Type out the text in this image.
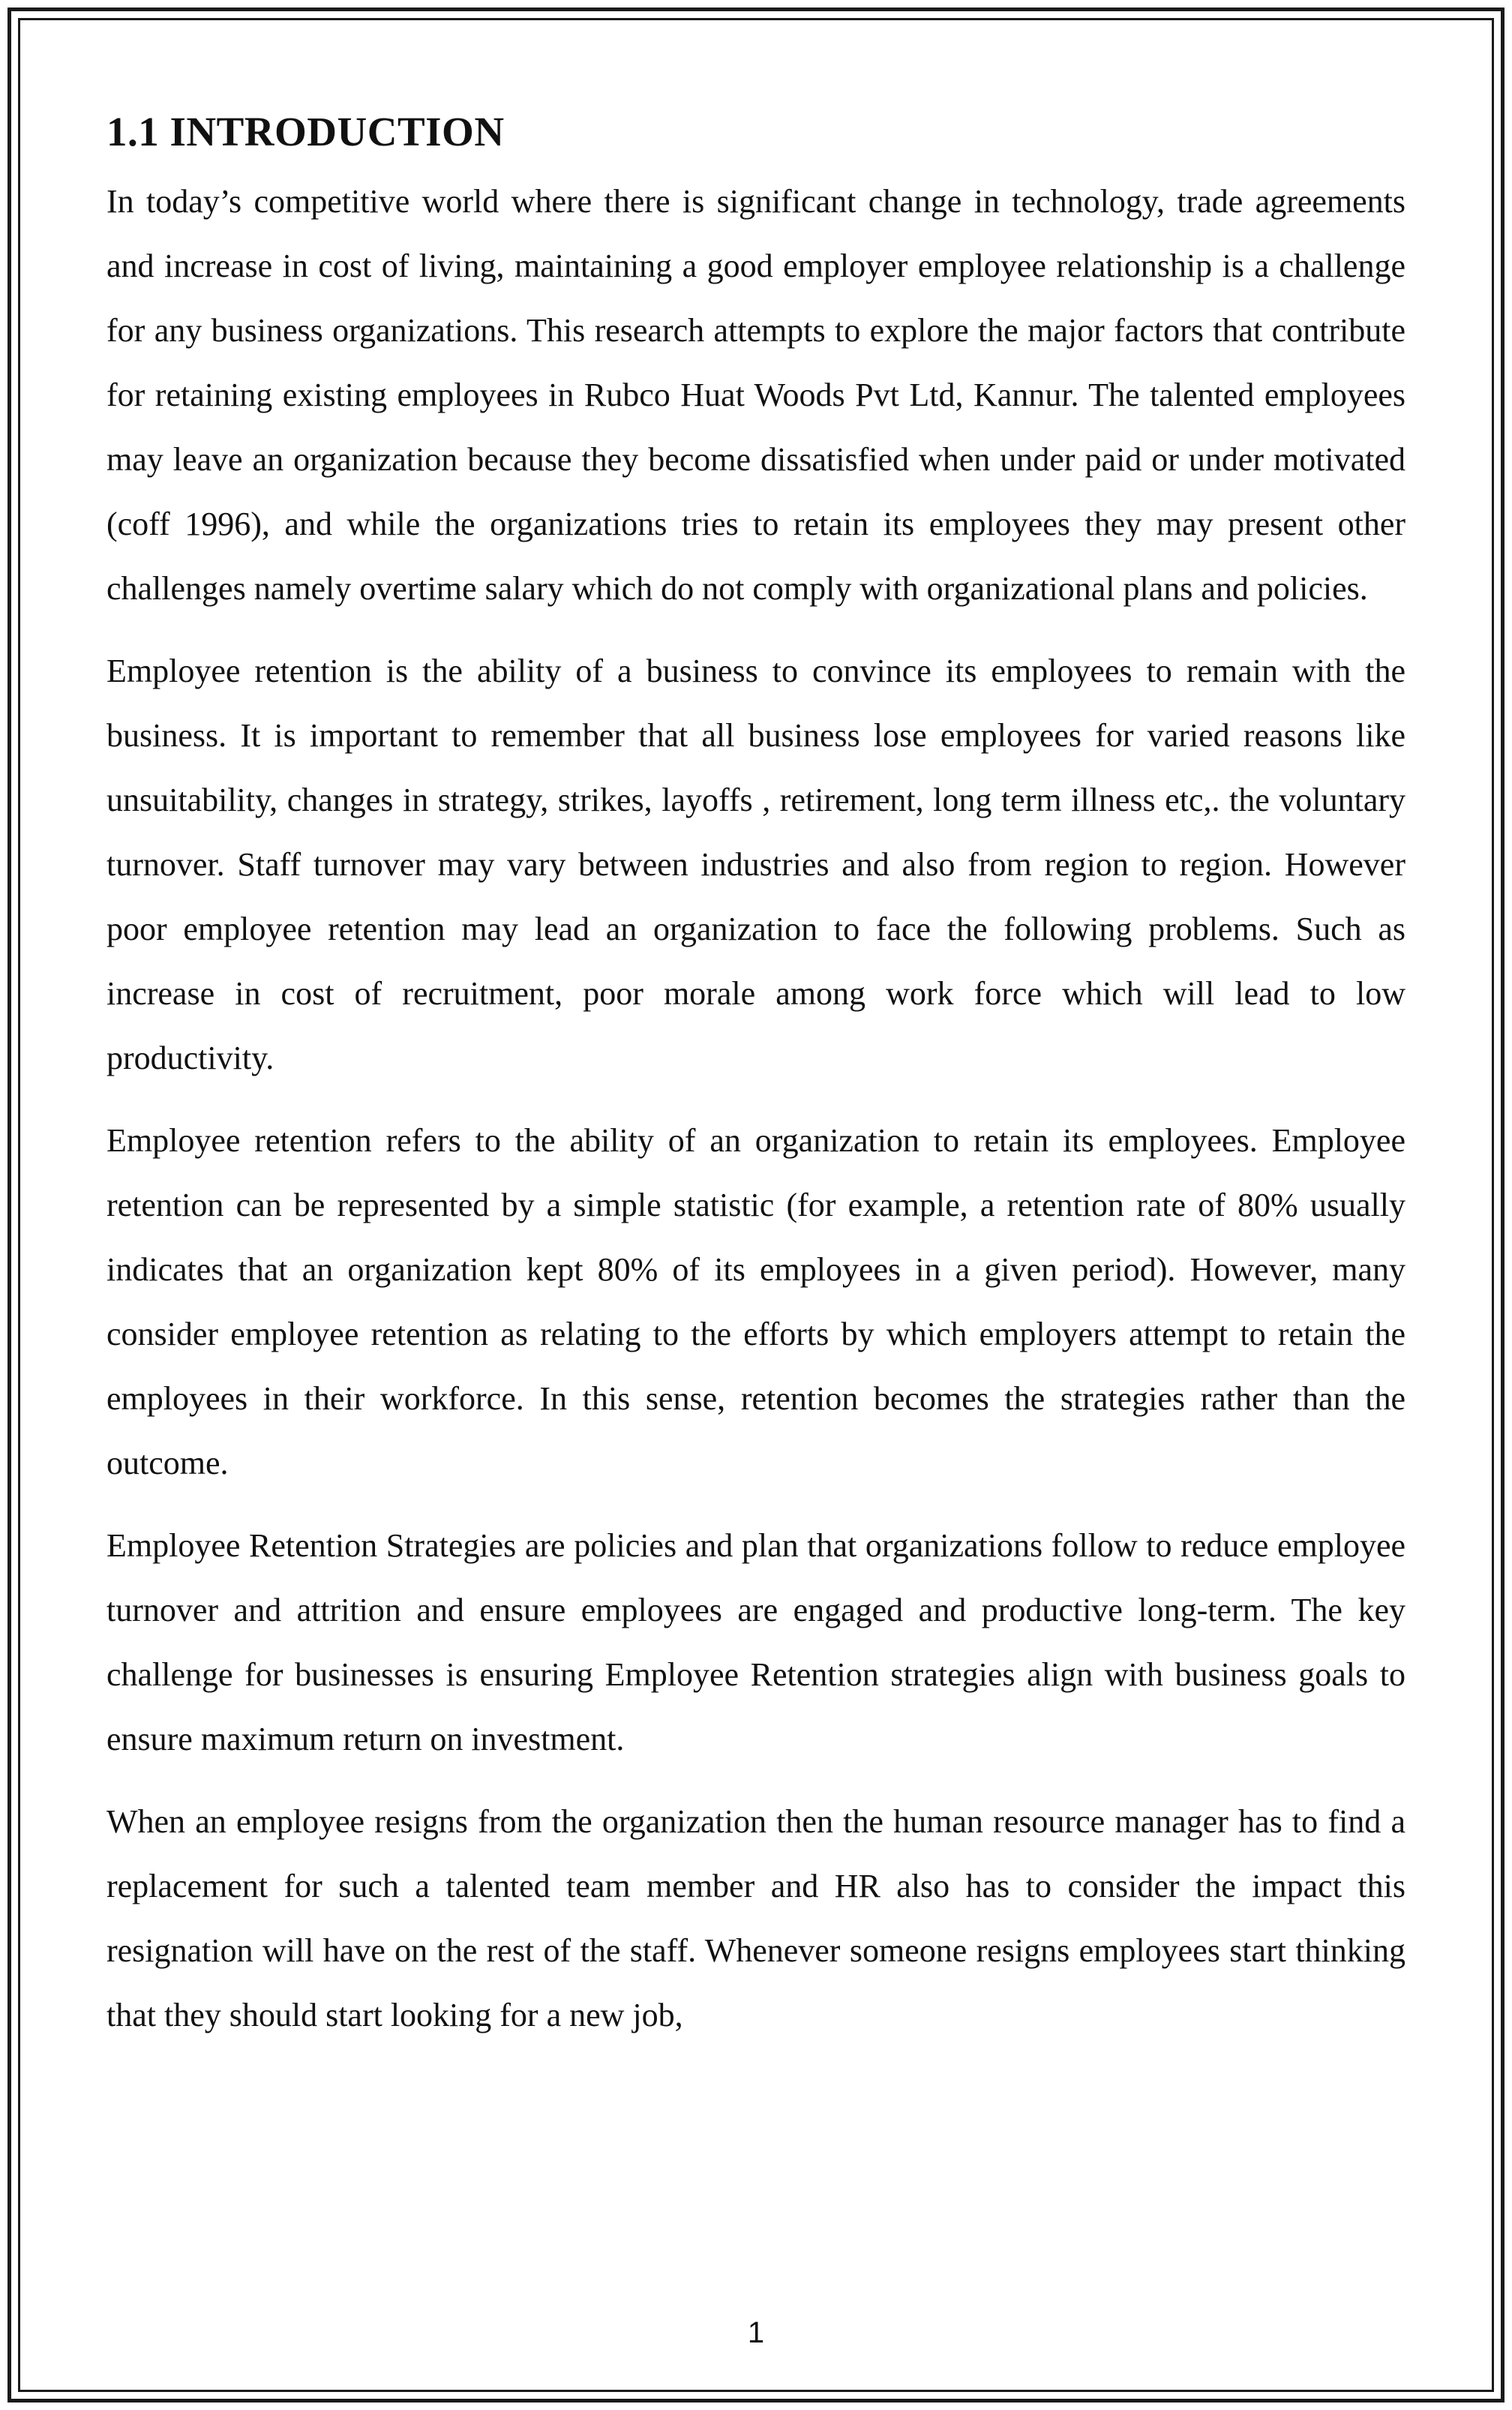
1.1 INTRODUCTION

In today’s competitive world where there is significant change in technology, trade agreements and increase in cost of living, maintaining a good employer employee relationship is a challenge for any business organizations. This research attempts to explore the major factors that contribute for retaining existing employees in Rubco Huat Woods Pvt Ltd, Kannur. The talented employees may leave an organization because they become dissatisfied when under paid or under motivated (coff 1996), and while the organizations tries to retain its employees they may present other challenges namely overtime salary which do not comply with organizational plans and policies.

Employee retention is the ability of a business to convince its employees to remain with the business. It is important to remember that all business lose employees for varied reasons like unsuitability, changes in strategy, strikes, layoffs , retirement, long term illness etc,. the voluntary turnover. Staff turnover may vary between industries and also from region to region. However poor employee retention may lead an organization to face the following problems. Such as increase in cost of recruitment, poor morale among work force which will lead to low productivity.

Employee retention refers to the ability of an organization to retain its employees. Employee retention can be represented by a simple statistic (for example, a retention rate of 80% usually indicates that an organization kept 80% of its employees in a given period). However, many consider employee retention as relating to the efforts by which employers attempt to retain the employees in their workforce. In this sense, retention becomes the strategies rather than the outcome.

Employee Retention Strategies are policies and plan that organizations follow to reduce employee turnover and attrition and ensure employees are engaged and productive long-term. The key challenge for businesses is ensuring Employee Retention strategies align with business goals to ensure maximum return on investment.

When an employee resigns from the organization then the human resource manager has to find a replacement for such a talented team member and HR also has to consider the impact this resignation will have on the rest of the staff. Whenever someone resigns employees start thinking that they should start looking for a new job,

1
